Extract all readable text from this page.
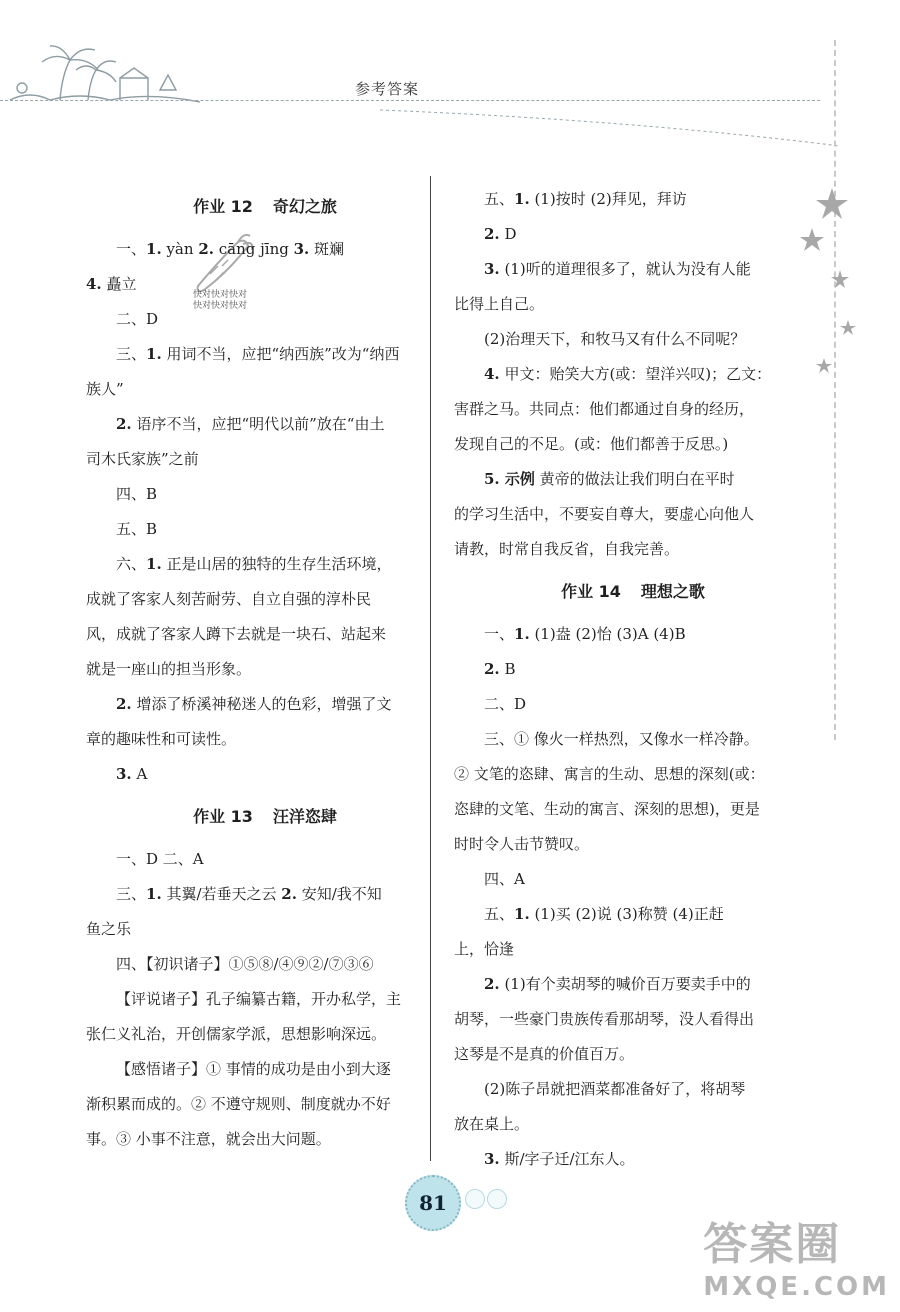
参考答案
快对快对快对
快对快对快对
作业 12 奇幻之旅
一、1. yàn 2. cāng jīng 3. 斑斓
4. 矗立
二、D
三、1. 用词不当，应把“纳西族”改为“纳西
族人”
2. 语序不当，应把“明代以前”放在“由土
司木氏家族”之前
四、B
五、B
六、1. 正是山居的独特的生存生活环境，
成就了客家人刻苦耐劳、自立自强的淳朴民
风，成就了客家人蹲下去就是一块石、站起来
就是一座山的担当形象。
2. 增添了桥溪神秘迷人的色彩，增强了文
章的趣味性和可读性。
3. A
作业 13 汪洋恣肆
一、D 二、A
三、1. 其翼/若垂天之云 2. 安知/我不知
鱼之乐
四、【初识诸子】①⑤⑧/④⑨②/⑦③⑥
【评说诸子】孔子编纂古籍，开办私学，主
张仁义礼治，开创儒家学派，思想影响深远。
【感悟诸子】① 事情的成功是由小到大逐
渐积累而成的。② 不遵守规则、制度就办不好
事。③ 小事不注意，就会出大问题。
五、1. (1)按时 (2)拜见，拜访
2. D
3. (1)听的道理很多了，就认为没有人能
比得上自己。
(2)治理天下，和牧马又有什么不同呢？
4. 甲文：贻笑大方(或：望洋兴叹)；乙文：
害群之马。共同点：他们都通过自身的经历，
发现自己的不足。(或：他们都善于反思。)
5. 示例 黄帝的做法让我们明白在平时
的学习生活中，不要妄自尊大，要虚心向他人
请教，时常自我反省，自我完善。
作业 14 理想之歌
一、1. (1)盎 (2)怡 (3)A (4)B
2. B
二、D
三、① 像火一样热烈，又像水一样冷静。
② 文笔的恣肆、寓言的生动、思想的深刻(或：
恣肆的文笔、生动的寓言、深刻的思想)，更是
时时令人击节赞叹。
四、A
五、1. (1)买 (2)说 (3)称赞 (4)正赶
上，恰逢
2. (1)有个卖胡琴的喊价百万要卖手中的
胡琴，一些豪门贵族传看那胡琴，没人看得出
这琴是不是真的价值百万。
(2)陈子昂就把酒菜都准备好了，将胡琴
放在桌上。
3. 斯/字子迁/江东人。
81
答案圈
MXQE.COM
